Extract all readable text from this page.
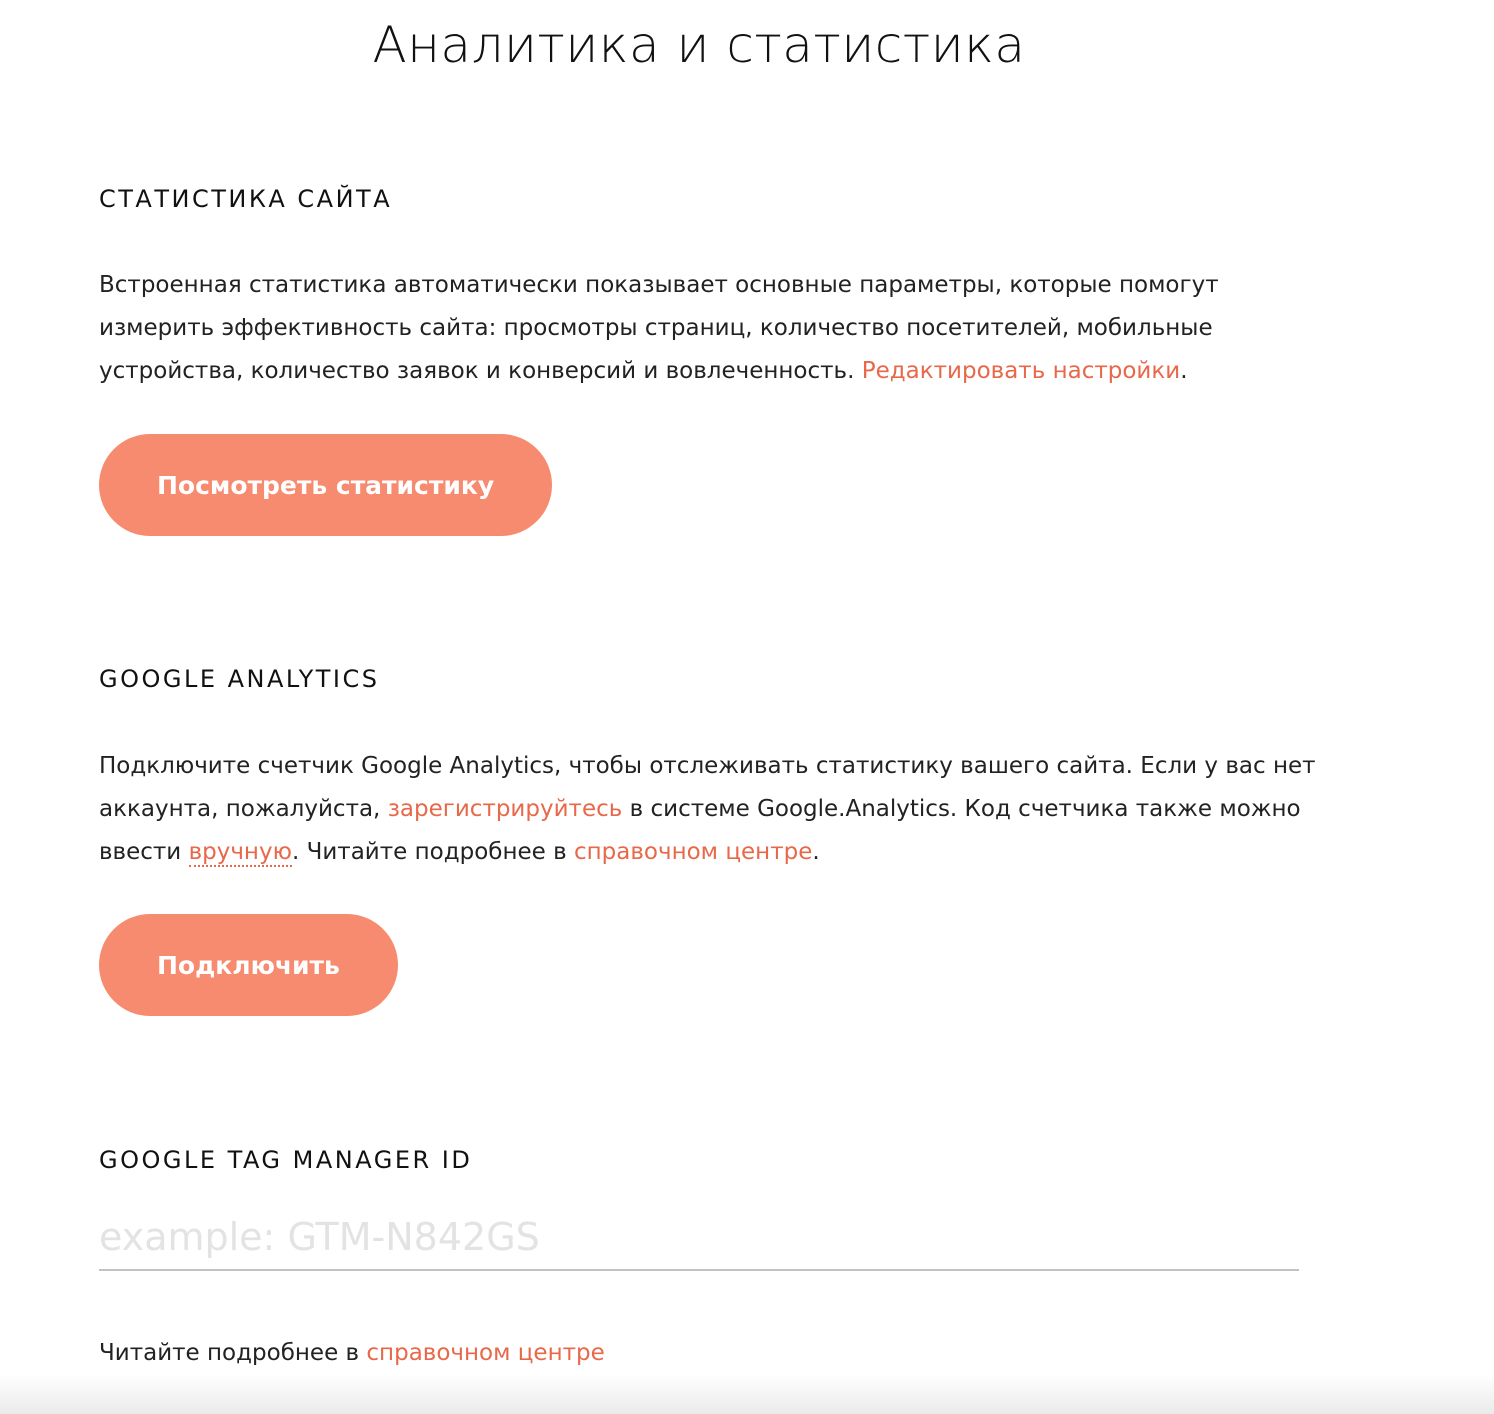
Аналитика и статистика
СТАТИСТИКА САЙТА

Встроенная статистика автоматически показывает основные параметры, которые помогут измерить эффективность сайта: просмотры страниц, количество посетителей, мобильные устройства, количество заявок и конверсий и вовлеченность. Редактировать настройки.

Посмотреть статистику
GOOGLE ANALYTICS

Подключите счетчик Google Analytics, чтобы отслеживать статистику вашего сайта. Если у вас нет аккаунта, пожалуйста, зарегистрируйтесь в системе Google.Analytics. Код счетчика также можно ввести вручную. Читайте подробнее в справочном центре.

Подключить
GOOGLE TAG MANAGER ID
example: GTM-N842GS

Читайте подробнее в справочном центре
